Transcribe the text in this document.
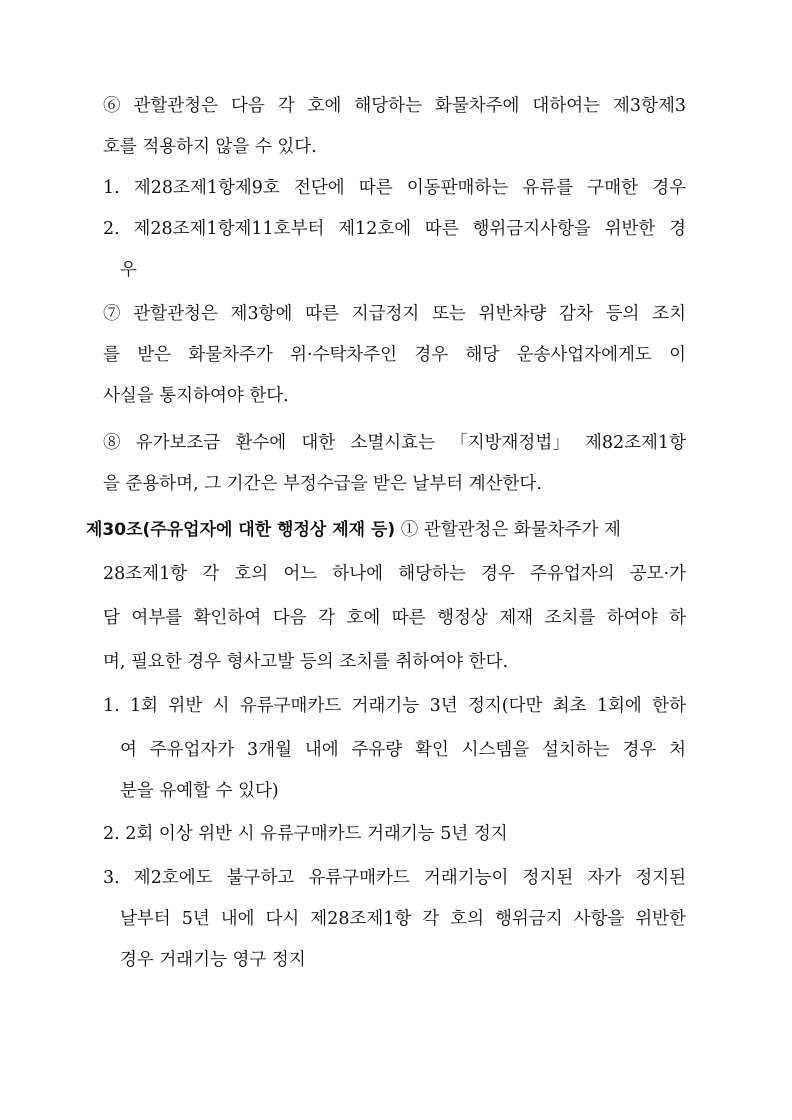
⑥ 관할관청은 다음 각 호에 해당하는 화물차주에 대하여는 제3항제3
호를 적용하지 않을 수 있다.
1. 제28조제1항제9호 전단에 따른 이동판매하는 유류를 구매한 경우
2. 제28조제1항제11호부터 제12호에 따른 행위금지사항을 위반한 경
우
⑦ 관할관청은 제3항에 따른 지급정지 또는 위반차량 감차 등의 조치
를 받은 화물차주가 위·수탁차주인 경우 해당 운송사업자에게도 이
사실을 통지하여야 한다.
⑧ 유가보조금 환수에 대한 소멸시효는 「지방재정법」 제82조제1항
을 준용하며, 그 기간은 부정수급을 받은 날부터 계산한다.
제30조(주유업자에 대한 행정상 제재 등) ① 관할관청은 화물차주가 제
28조제1항 각 호의 어느 하나에 해당하는 경우 주유업자의 공모·가
담 여부를 확인하여 다음 각 호에 따른 행정상 제재 조치를 하여야 하
며, 필요한 경우 형사고발 등의 조치를 취하여야 한다.
1. 1회 위반 시 유류구매카드 거래기능 3년 정지(다만 최초 1회에 한하
여 주유업자가 3개월 내에 주유량 확인 시스템을 설치하는 경우 처
분을 유예할 수 있다)
2. 2회 이상 위반 시 유류구매카드 거래기능 5년 정지
3. 제2호에도 불구하고 유류구매카드 거래기능이 정지된 자가 정지된
날부터 5년 내에 다시 제28조제1항 각 호의 행위금지 사항을 위반한
경우 거래기능 영구 정지
